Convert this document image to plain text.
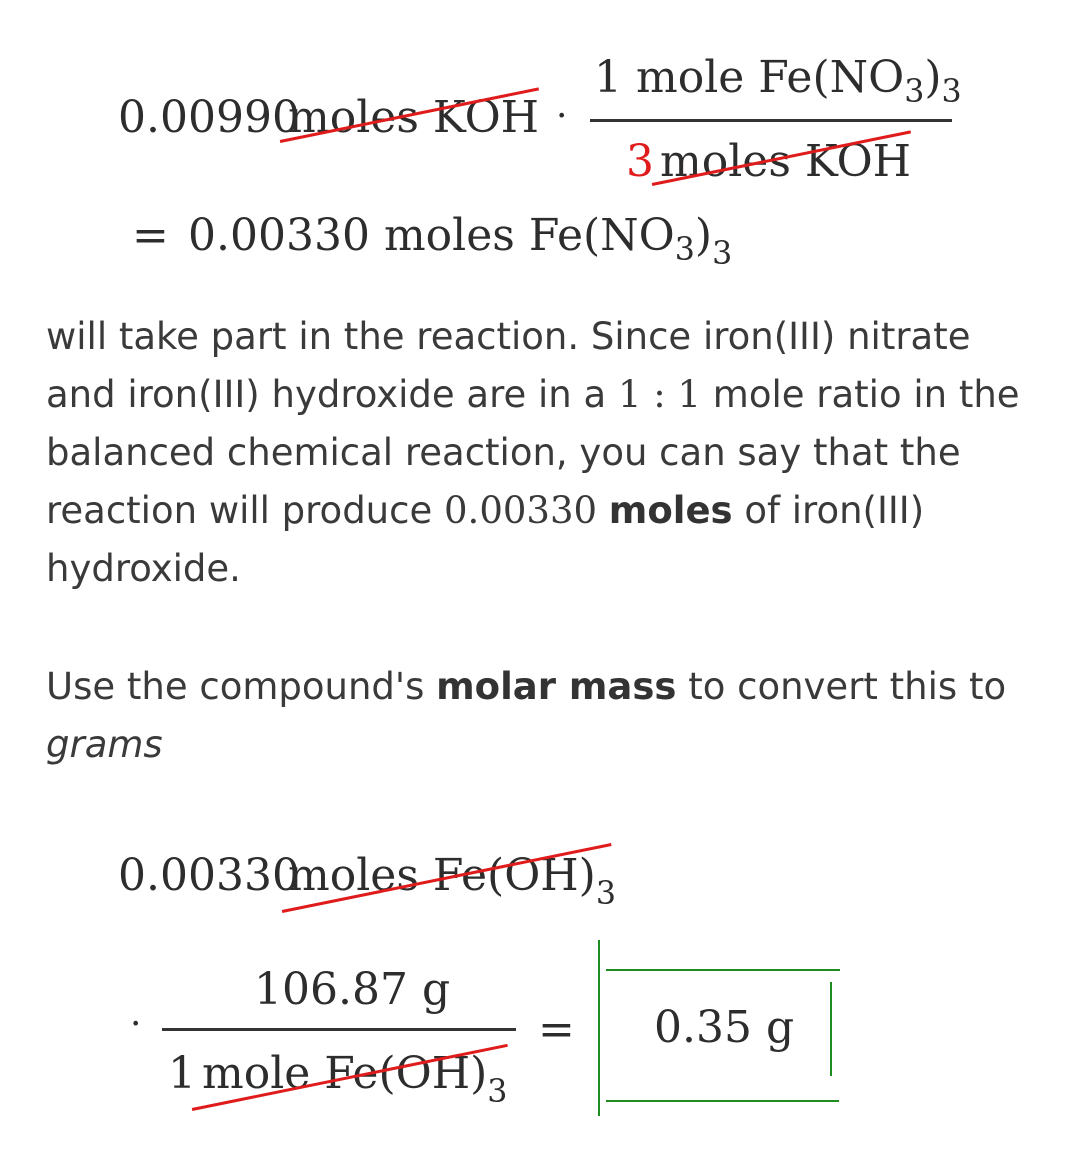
0.00990
moles KOH ·
1 mole $Fe(NO_3)_3$
3 moles KOH
= 0.00330 moles $Fe(NO_3)_3$

will take part in the reaction. Since iron(III) nitrate and iron(III) hydroxide are in a 1 : 1 mole ratio in the balanced chemical reaction, you can say that the reaction will produce 0.00330 moles of iron(III) hydroxide.

Use the compound's molar mass to convert this to grams

0.00330
moles $Fe(OH)_3$
·
106.87 g
1 mole $Fe(OH)_3$
= 0.35 g
